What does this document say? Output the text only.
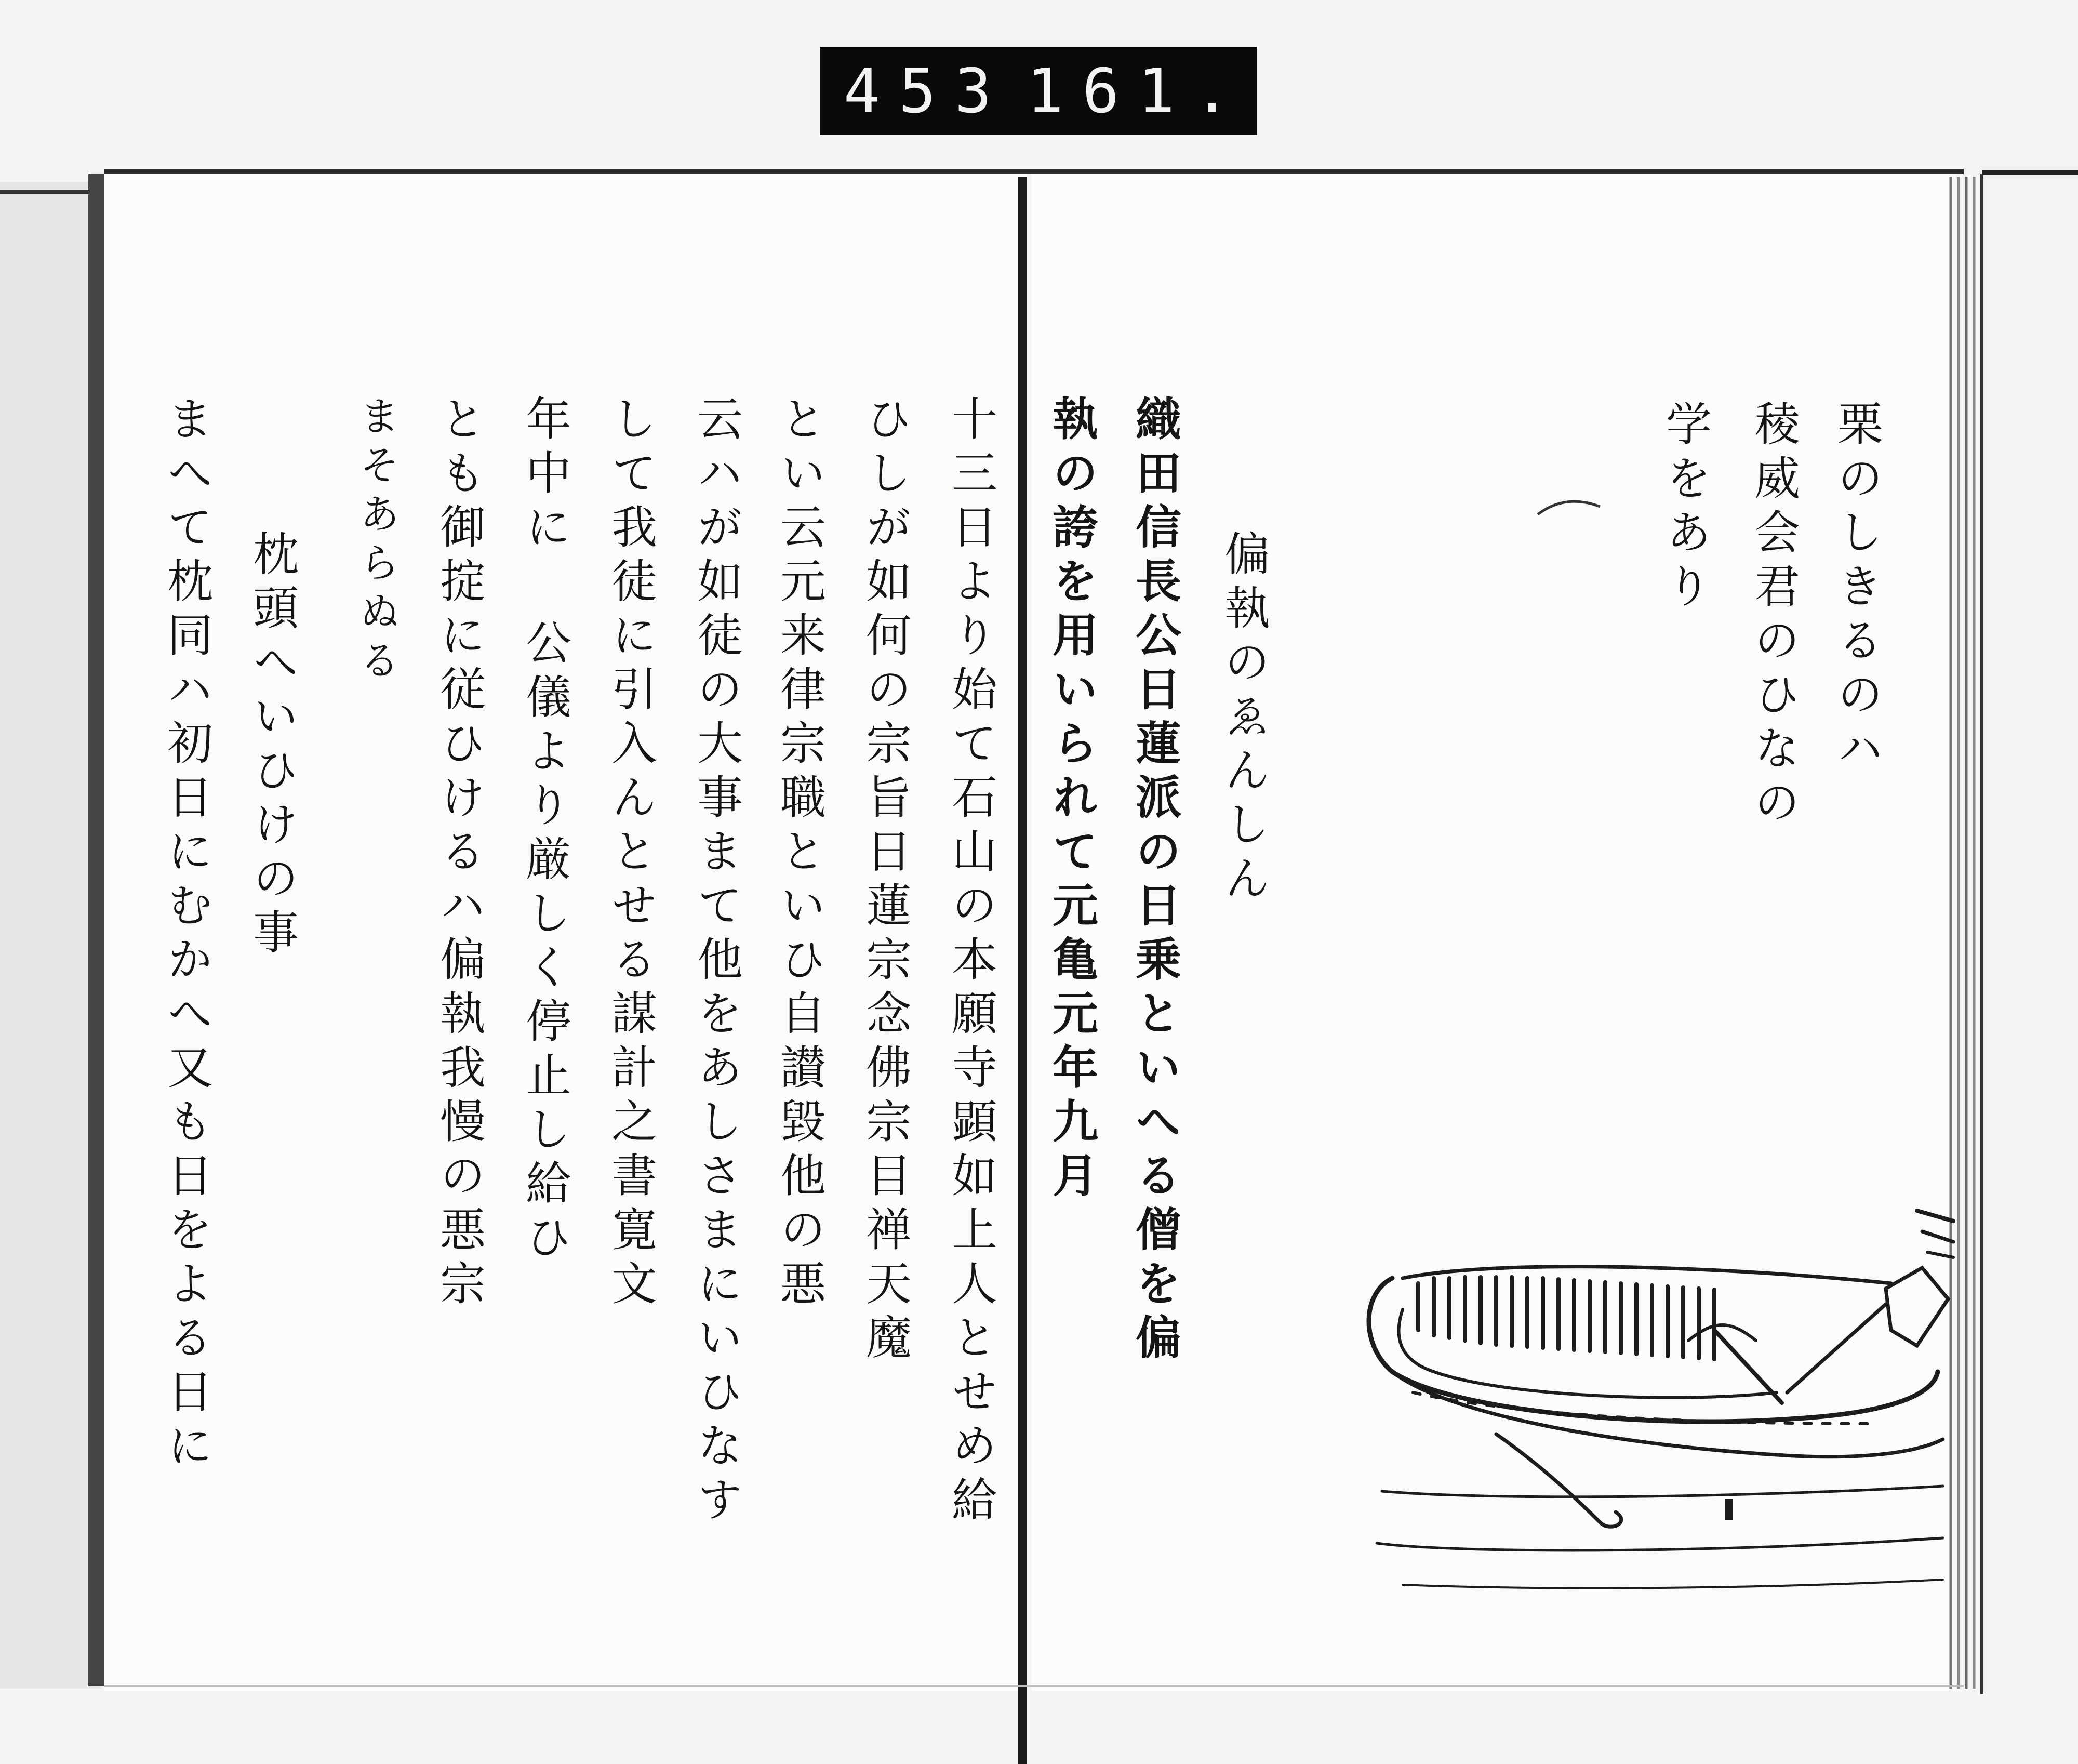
453 161.
栗のしきるのハ
稜威会君のひなの
学をあり
偏執のゑんしん
織田信長公日蓮派の日乗といへる僧を偏
執の誇を用いられて元亀元年九月
十三日より始て石山の本願寺顕如上人とせめ給
ひしが如何の宗旨日蓮宗念佛宗目禅天魔
とい云元来律宗職といひ自讃毀他の悪
云ハが如徒の大事まて他をあしさまにいひなす
して我徒に引入んとせる謀計之書寛文
年中に 公儀より厳しく停止し給ひ
とも御掟に従ひけるハ偏執我慢の悪宗
まそあらぬる
枕頭へいひけの事
まへて枕同ハ初日にむかへ又も日をよる日に
